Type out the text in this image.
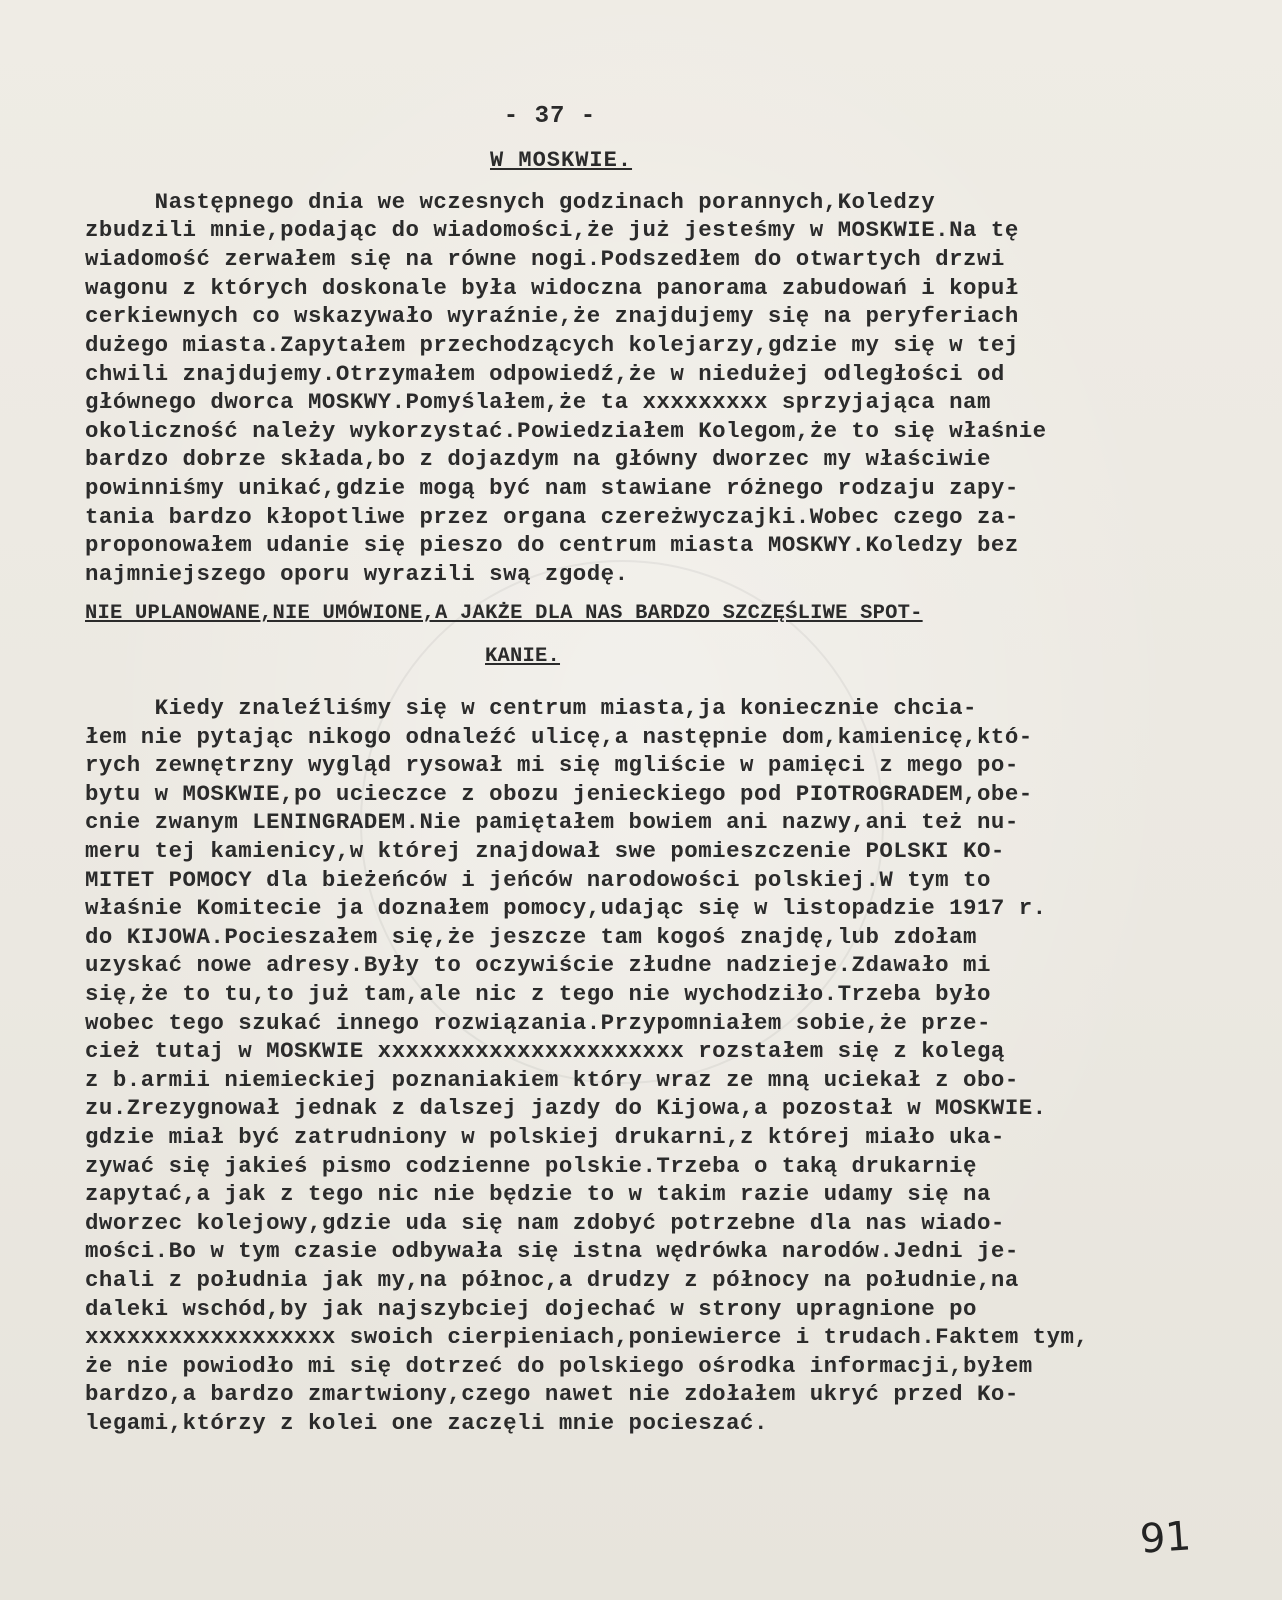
- 37 -
W MOSKWIE.
Następnego dnia we wczesnych godzinach porannych,Koledzy
zbudzili mnie,podając do wiadomości,że już jesteśmy w MOSKWIE.Na tę
wiadomość zerwałem się na równe nogi.Podszedłem do otwartych drzwi
wagonu z których doskonale była widoczna panorama zabudowań i kopuł
cerkiewnych co wskazywało wyraźnie,że znajdujemy się na peryferiach
dużego miasta.Zapytałem przechodzących kolejarzy,gdzie my się w tej
chwili znajdujemy.Otrzymałem odpowiedź,że w niedużej odległości od
głównego dworca MOSKWY.Pomyślałem,że ta xxxxxxxxx sprzyjająca nam
okoliczność należy wykorzystać.Powiedziałem Kolegom,że to się właśnie
bardzo dobrze składa,bo z dojazdym na główny dworzec my właściwie
powinniśmy unikać,gdzie mogą być nam stawiane różnego rodzaju zapy-
tania bardzo kłopotliwe przez organa czereżwyczajki.Wobec czego za-
proponowałem udanie się pieszo do centrum miasta MOSKWY.Koledzy bez
najmniejszego oporu wyrazili swą zgodę.
NIE UPLANOWANE,NIE UMÓWIONE,A JAKŻE DLA NAS BARDZO SZCZĘŚLIWE SPOT-
KANIE.
Kiedy znaleźliśmy się w centrum miasta,ja koniecznie chcia-
łem nie pytając nikogo odnaleźć ulicę,a następnie dom,kamienicę,któ-
rych zewnętrzny wygląd rysował mi się mgliście w pamięci z mego po-
bytu w MOSKWIE,po ucieczce z obozu jenieckiego pod PIOTROGRADEM,obe-
cnie zwanym LENINGRADEM.Nie pamiętałem bowiem ani nazwy,ani też nu-
meru tej kamienicy,w której znajdował swe pomieszczenie POLSKI KO-
MITET POMOCY dla bieżeńców i jeńców narodowości polskiej.W tym to
właśnie Komitecie ja doznałem pomocy,udając się w listopadzie 1917 r.
do KIJOWA.Pocieszałem się,że jeszcze tam kogoś znajdę,lub zdołam
uzyskać nowe adresy.Były to oczywiście złudne nadzieje.Zdawało mi
się,że to tu,to już tam,ale nic z tego nie wychodziło.Trzeba było
wobec tego szukać innego rozwiązania.Przypomniałem sobie,że prze-
cież tutaj w MOSKWIE xxxxxxxxxxxxxxxxxxxxxx rozstałem się z kolegą
z b.armii niemieckiej poznaniakiem który wraz ze mną uciekał z obo-
zu.Zrezygnował jednak z dalszej jazdy do Kijowa,a pozostał w MOSKWIE.
gdzie miał być zatrudniony w polskiej drukarni,z której miało uka-
zywać się jakieś pismo codzienne polskie.Trzeba o taką drukarnię
zapytać,a jak z tego nic nie będzie to w takim razie udamy się na
dworzec kolejowy,gdzie uda się nam zdobyć potrzebne dla nas wiado-
mości.Bo w tym czasie odbywała się istna wędrówka narodów.Jedni je-
chali z południa jak my,na północ,a drudzy z północy na południe,na
daleki wschód,by jak najszybciej dojechać w strony upragnione po
xxxxxxxxxxxxxxxxxx swoich cierpieniach,poniewierce i trudach.Faktem tym,
że nie powiodło mi się dotrzeć do polskiego ośrodka informacji,byłem
bardzo,a bardzo zmartwiony,czego nawet nie zdołałem ukryć przed Ko-
legami,którzy z kolei one zaczęli mnie pocieszać.
91
